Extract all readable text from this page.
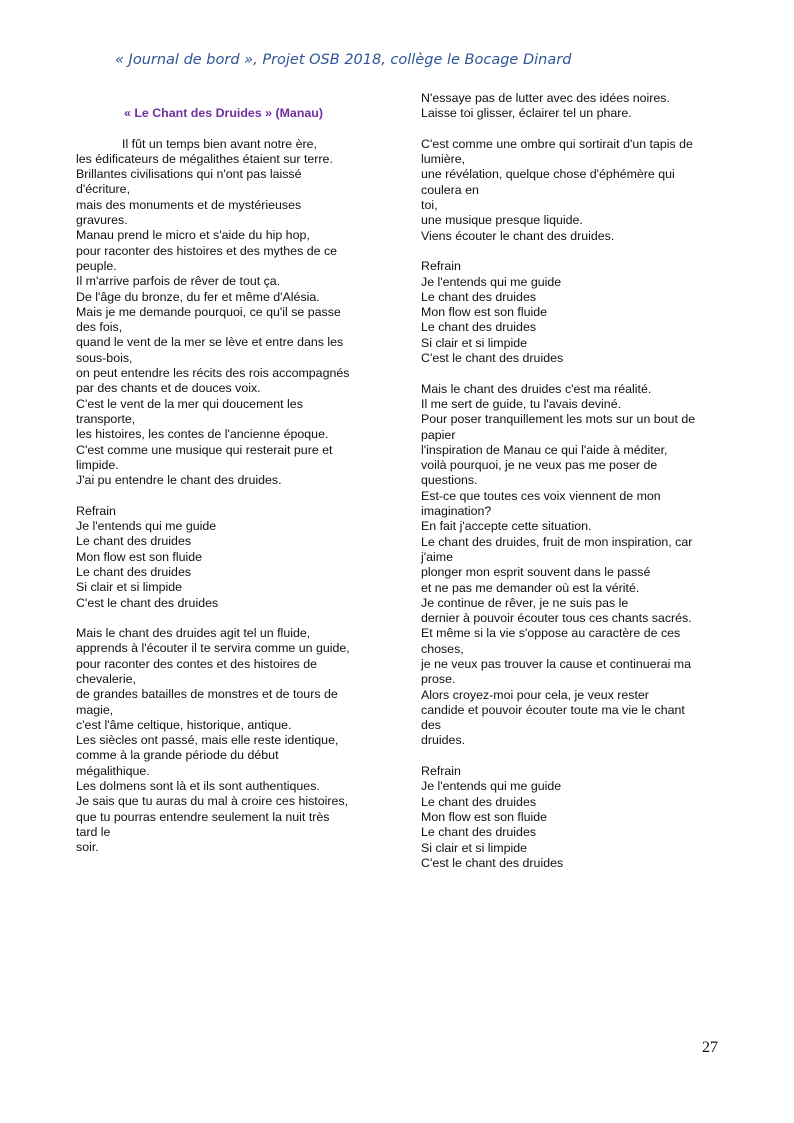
« Journal de bord », Projet OSB 2018, collège le Bocage Dinard
« Le Chant des Druides » (Manau)
Il fût un temps bien avant notre ère,
les édificateurs de mégalithes étaient sur terre.
Brillantes civilisations qui n'ont pas laissé
d'écriture,
mais des monuments et de mystérieuses
gravures.
Manau prend le micro et s'aide du hip hop,
pour raconter des histoires et des mythes de ce
peuple.
Il m'arrive parfois de rêver de tout ça.
De l'âge du bronze, du fer et même d'Alésia.
Mais je me demande pourquoi, ce qu'il se passe
des fois,
quand le vent de la mer se lève et entre dans les
sous-bois,
on peut entendre les récits des rois accompagnés
par des chants et de douces voix.
C'est le vent de la mer qui doucement les
transporte,
les histoires, les contes de l'ancienne époque.
C'est comme une musique qui resterait pure et
limpide.
J'ai pu entendre le chant des druides.
Refrain
Je l'entends qui me guide
Le chant des druides
Mon flow est son fluide
Le chant des druides
Si clair et si limpide
C'est le chant des druides
Mais le chant des druides agit tel un fluide,
apprends à l'écouter il te servira comme un guide,
pour raconter des contes et des histoires de
chevalerie,
de grandes batailles de monstres et de tours de
magie,
c'est l'âme celtique, historique, antique.
Les siècles ont passé, mais elle reste identique,
comme à la grande période du début
mégalithique.
Les dolmens sont là et ils sont authentiques.
Je sais que tu auras du mal à croire ces histoires,
que tu pourras entendre seulement la nuit très
tard le
soir.
N'essaye pas de lutter avec des idées noires.
Laisse toi glisser, éclairer tel un phare.
C'est comme une ombre qui sortirait d'un tapis de
lumière,
une révélation, quelque chose d'éphémère qui
coulera en
toi,
une musique presque liquide.
Viens écouter le chant des druides.
Refrain
Je l'entends qui me guide
Le chant des druides
Mon flow est son fluide
Le chant des druides
Si clair et si limpide
C'est le chant des druides
Mais le chant des druides c'est ma réalité.
Il me sert de guide, tu l'avais deviné.
Pour poser tranquillement les mots sur un bout de
papier
l'inspiration de Manau ce qui l'aide à méditer,
voilà pourquoi, je ne veux pas me poser de
questions.
Est-ce que toutes ces voix viennent de mon
imagination?
En fait j'accepte cette situation.
Le chant des druides, fruit de mon inspiration, car
j'aime
plonger mon esprit souvent dans le passé
et ne pas me demander où est la vérité.
Je continue de rêver, je ne suis pas le
dernier à pouvoir écouter tous ces chants sacrés.
Et même si la vie s'oppose au caractère de ces
choses,
je ne veux pas trouver la cause et continuerai ma
prose.
Alors croyez-moi pour cela, je veux rester
candide et pouvoir écouter toute ma vie le chant
des
druides.
Refrain
Je l'entends qui me guide
Le chant des druides
Mon flow est son fluide
Le chant des druides
Si clair et si limpide
C'est le chant des druides
27
